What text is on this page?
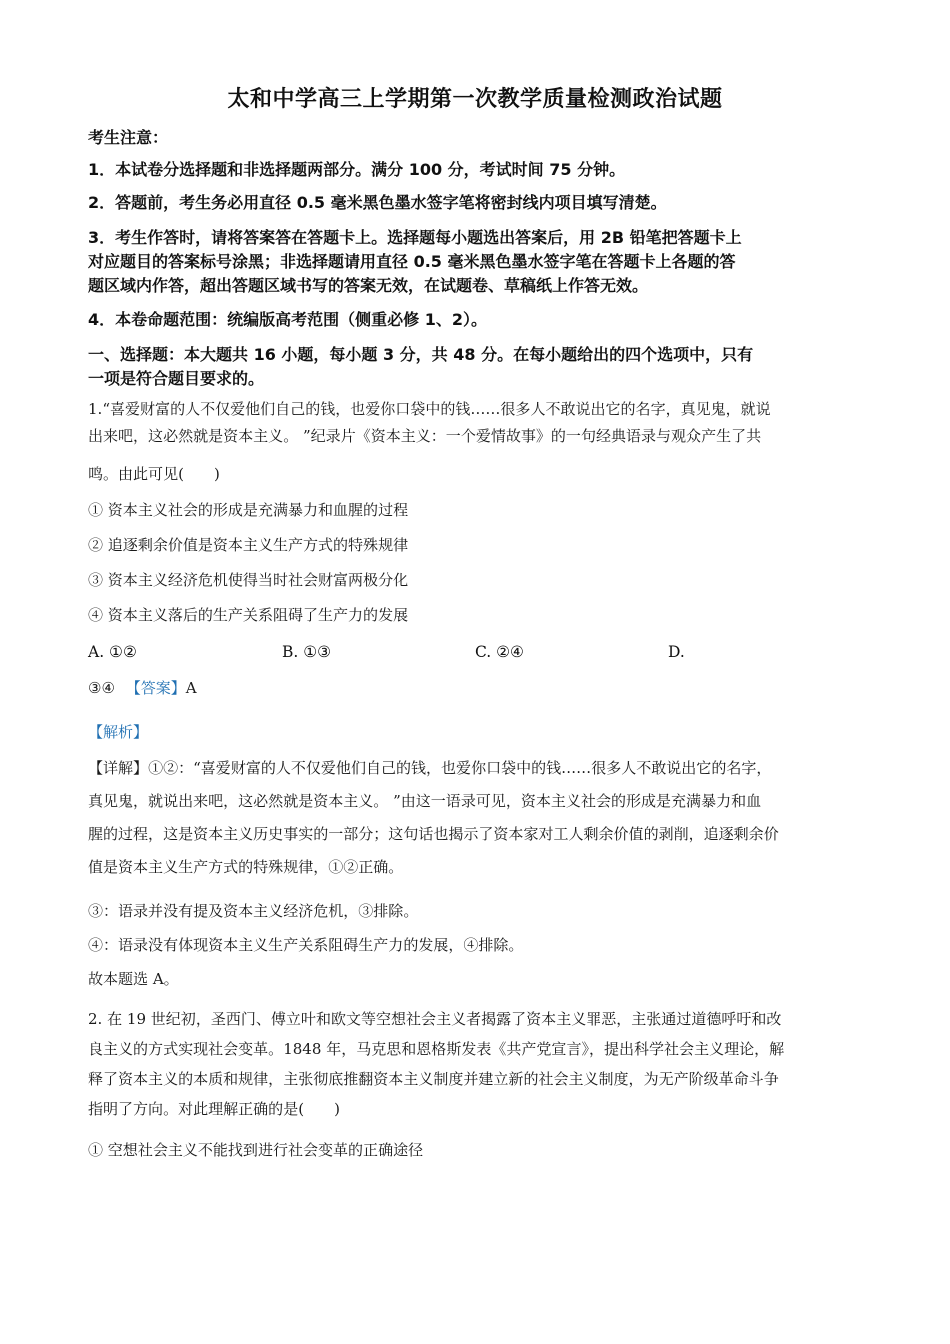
太和中学高三上学期第一次教学质量检测政治试题
考生注意：
1．本试卷分选择题和非选择题两部分。满分 100 分，考试时间 75 分钟。
2．答题前，考生务必用直径 0.5 毫米黑色墨水签字笔将密封线内项目填写清楚。
3．考生作答时，请将答案答在答题卡上。选择题每小题选出答案后，用 2B 铅笔把答题卡上
对应题目的答案标号涂黑；非选择题请用直径 0.5 毫米黑色墨水签字笔在答题卡上各题的答
题区域内作答，超出答题区域书写的答案无效，在试题卷、草稿纸上作答无效。
4．本卷命题范围：统编版高考范围（侧重必修 1、2）。
一、选择题：本大题共 16 小题，每小题 3 分，共 48 分。在每小题给出的四个选项中，只有
一项是符合题目要求的。
1.“喜爱财富的人不仅爱他们自己的钱，也爱你口袋中的钱……很多人不敢说出它的名字，真见鬼，就说
出来吧，这必然就是资本主义。 ”纪录片《资本主义：一个爱情故事》的一句经典语录与观众产生了共
鸣。由此可见(　　)
① 资本主义社会的形成是充满暴力和血腥的过程
② 追逐剩余价值是资本主义生产方式的特殊规律
③ 资本主义经济危机使得当时社会财富两极分化
④ 资本主义落后的生产关系阻碍了生产力的发展
A. ①②	B. ①③	C. ②④	D.
③④ 【答案】A
【解析】
【详解】①②：“喜爱财富的人不仅爱他们自己的钱，也爱你口袋中的钱……很多人不敢说出它的名字，
真见鬼，就说出来吧，这必然就是资本主义。 ”由这一语录可见，资本主义社会的形成是充满暴力和血
腥的过程，这是资本主义历史事实的一部分；这句话也揭示了资本家对工人剩余价值的剥削，追逐剩余价
值是资本主义生产方式的特殊规律，①②正确。
③：语录并没有提及资本主义经济危机，③排除。
④：语录没有体现资本主义生产关系阻碍生产力的发展，④排除。
故本题选 A。
2. 在 19 世纪初，圣西门、傅立叶和欧文等空想社会主义者揭露了资本主义罪恶，主张通过道德呼吁和改
良主义的方式实现社会变革。1848 年，马克思和恩格斯发表《共产党宣言》，提出科学社会主义理论，解
释了资本主义的本质和规律，主张彻底推翻资本主义制度并建立新的社会主义制度，为无产阶级革命斗争
指明了方向。对此理解正确的是(　　)
① 空想社会主义不能找到进行社会变革的正确途径
